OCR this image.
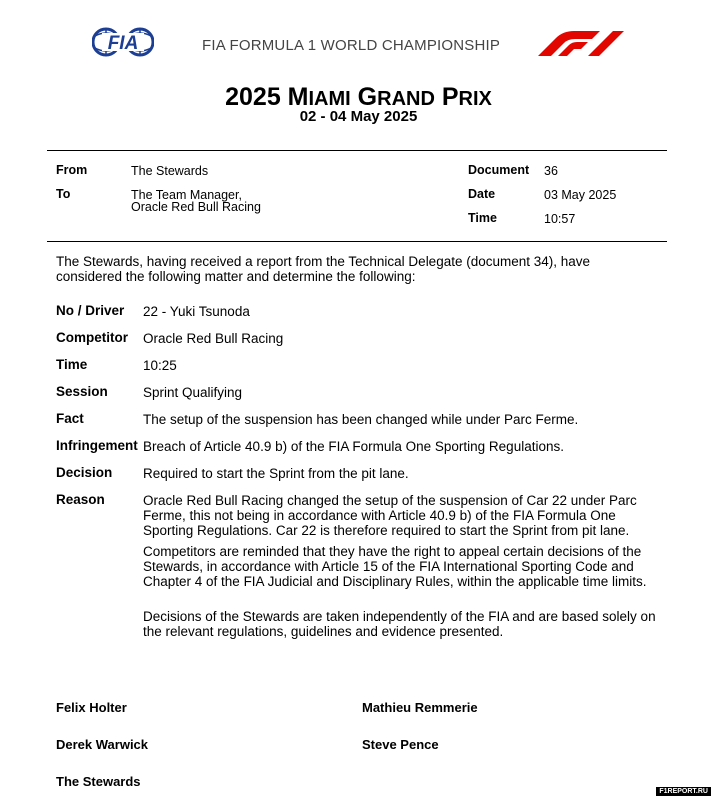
FIA	FIA FORMULA 1 WORLD CHAMPIONSHIP
2025 MIAMI GRAND PRIX
02 - 04 May 2025
From	The Stewards
To	The Team Manager,
Oracle Red Bull Racing
Document 36
Date	03 May 2025
Time	10:57
The Stewards, having received a report from the Technical Delegate (document 34), have considered the following matter and determine the following:
No / Driver 22 - Yuki Tsunoda
Competitor Oracle Red Bull Racing
Time	10:25
Session	Sprint Qualifying
Fact	The setup of the suspension has been changed while under Parc Ferme.
Infringement Breach of Article 40.9 b) of the FIA Formula One Sporting Regulations.
Decision Required to start the Sprint from the pit lane.
Reason	Oracle Red Bull Racing changed the setup of the suspension of Car 22 under Parc Ferme, this not being in accordance with Article 40.9 b) of the FIA Formula One Sporting Regulations. Car 22 is therefore required to start the Sprint from pit lane.
Competitors are reminded that they have the right to appeal certain decisions of the Stewards, in accordance with Article 15 of the FIA International Sporting Code and Chapter 4 of the FIA Judicial and Disciplinary Rules, within the applicable time limits.
Decisions of the Stewards are taken independently of the FIA and are based solely on the relevant regulations, guidelines and evidence presented.
Felix Holter	Mathieu Remmerie
Derek Warwick	Steve Pence
The Stewards
F1REPORT.RU
